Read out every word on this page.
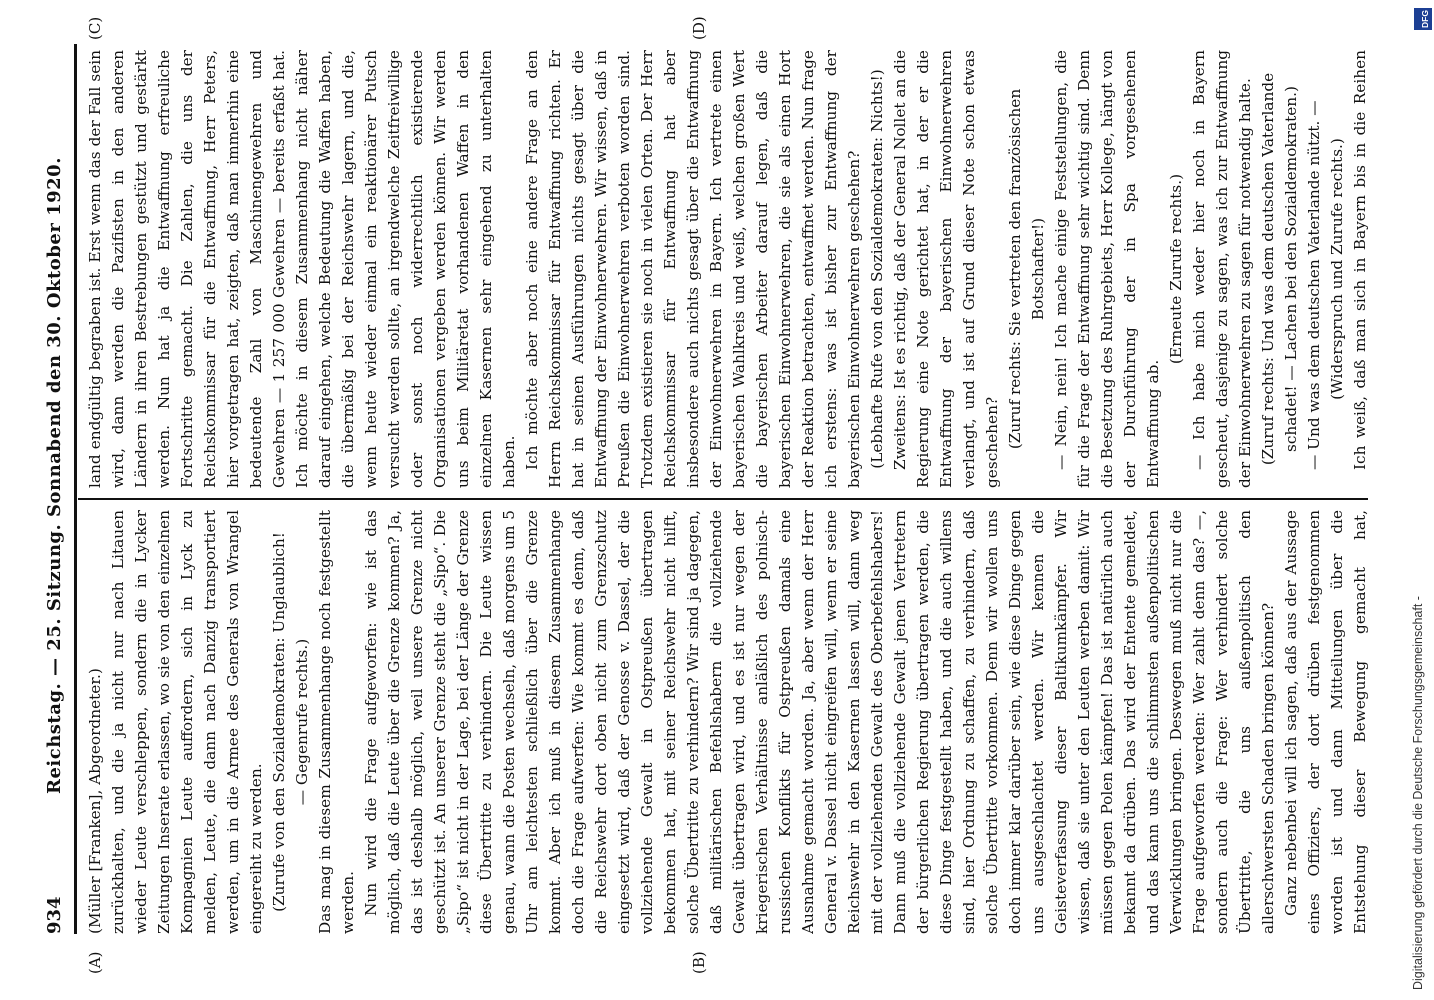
934
Reichstag. — 25. Sitzung. Sonnabend den 30. Oktober 1920.
(A)	(B)
(C)	(D)

(Müller [Franken], Abgeordneter.) zurückhalten, und die ja nicht nur nach Litauen wieder Leute verschleppen, sondern die in Lycker Zeitungen Inserate erlassen, wo sie von den einzelnen Kompagnien Leute auffordern, sich in Lyck zu melden, Leute, die dann nach Danzig transportiert werden, um in die Armee des Generals von Wrangel eingereiht zu werden. (Zurufe von den Sozialdemokraten: Unglaublich! — Gegenrufe rechts.) Das mag in diesem Zusammenhange noch festgestellt werden. Nun wird die Frage aufgeworfen: wie ist das möglich, daß die Leute über die Grenze kommen? Ja, das ist deshalb möglich, weil unsere Grenze nicht geschützt ist. An unserer Grenze steht die „Sipo“. Die „Sipo“ ist nicht in der Lage, bei der Länge der Grenze diese Übertritte zu verhindern. Die Leute wissen genau, wann die Posten wechseln, daß morgens um 5 Uhr am leichtesten schließlich über die Grenze kommt. Aber ich muß in diesem Zusammenhange doch die Frage aufwerfen: Wie kommt es denn, daß die Reichswehr dort oben nicht zum Grenzschutz eingesetzt wird, daß der Genosse v. Dassel, der die vollziehende Gewalt in Ostpreußen übertragen bekommen hat, mit seiner Reichswehr nicht hilft, solche Übertritte zu verhindern? Wir sind ja dagegen, daß militärischen Befehlshabern die vollziehende Gewalt übertragen wird, und es ist nur wegen der kriegerischen Verhältnisse anläßlich des polnisch-russischen Konflikts für Ostpreußen damals eine Ausnahme gemacht worden. Ja, aber wenn der Herr General v. Dassel nicht eingreifen will, wenn er seine Reichswehr in den Kasernen lassen will, dann weg mit der vollziehenden Gewalt des Oberbefehlshabers! Dann muß die vollziehende Gewalt jenen Vertretern der bürgerlichen Regierung übertragen werden, die diese Dinge festgestellt haben, und die auch willens sind, hier Ordnung zu schaffen, zu verhindern, daß solche Übertritte vorkommen. Denn wir wollen uns doch immer klar darüber sein, wie diese Dinge gegen uns ausgeschlachtet werden. Wir kennen die Geisteverfassung dieser Baltikumkämpfer. Wir wissen, daß sie unter den Leuten werben damit: Wir müssen gegen Polen kämpfen! Das ist natürlich auch bekannt da drüben. Das wird der Entente gemeldet, und das kann uns die schlimmsten außenpolitischen Verwicklungen bringen. Deswegen muß nicht nur die Frage aufgeworfen werden: Wer zahlt denn das? —, sondern auch die Frage: Wer verhindert solche Übertritte, die uns außenpolitisch den allerschwersten Schaden bringen können? Ganz nebenbei will ich sagen, daß aus der Aussage eines Offiziers, der dort drüben festgenommen worden ist und dann Mitteilungen über die Entstehung dieser Bewegung gemacht hat,

land endgültig begraben ist. Erst wenn das der Fall sein wird, dann werden die Pazifisten in den anderen Ländern in ihren Bestrebungen gestützt und gestärkt werden. Nun hat ja die Entwaffnung erfreuliche Fortschritte gemacht. Die Zahlen, die uns der Reichskommissar für die Entwaffnung, Herr Peters, hier vorgetragen hat, zeigten, daß man immerhin eine bedeutende Zahl von Maschinengewehren und Gewehren — 1 257 000 Gewehren — bereits erfaßt hat. Ich möchte in diesem Zusammenhang nicht näher darauf eingehen, welche Bedeutung die Waffen haben, die übermäßig bei der Reichswehr lagern, und die, wenn heute wieder einmal ein reaktionärer Putsch versucht werden sollte, an irgendwelche Zeitfreiwillige oder sonst noch widerrechtlich existierende Organisationen vergeben werden können. Wir werden uns beim Militäretat vorhandenen Waffen in den einzelnen Kasernen sehr eingehend zu unterhalten haben. Ich möchte aber noch eine andere Frage an den Herrn Reichskommissar für Entwaffnung richten. Er hat in seinen Ausführungen nichts gesagt über die Entwaffnung der Einwohnerwehren. Wir wissen, daß in Preußen die Einwohnerwehren verboten worden sind. Trotzdem existieren sie noch in vielen Orten. Der Herr Reichskommissar für Entwaffnung hat aber insbesondere auch nichts gesagt über die Entwaffnung der Einwohnerwehren in Bayern. Ich vertrete einen bayerischen Wahlkreis und weiß, welchen großen Wert die bayerischen Arbeiter darauf legen, daß die bayerischen Einwohnerwehren, die sie als einen Hort der Reaktion betrachten, entwaffnet werden. Nun frage ich erstens: was ist bisher zur Entwaffnung der bayerischen Einwohnerwehren geschehen? (Lebhafte Rufe von den Sozialdemokraten: Nichts!) Zweitens: Ist es richtig, daß der General Nollet an die Regierung eine Note gerichtet hat, in der er die Entwaffnung der bayerischen Einwohnerwehren verlangt, und ist auf Grund dieser Note schon etwas geschehen? (Zuruf rechts: Sie vertreten den französischen Botschafter!) — Nein, nein! Ich mache einige Feststellungen, die für die Frage der Entwaffnung sehr wichtig sind. Denn die Besetzung des Ruhrgebiets, Herr Kollege, hängt von der Durchführung der in Spa vorgesehenen Entwaffnung ab.

(Erneute Zurufe rechts.) — Ich habe mich weder hier noch in Bayern gescheut, dasjenige zu sagen, was ich zur Entwaffnung der Einwohnerwehren zu sagen für notwendig halte. (Zuruf rechts: Und was dem deutschen Vaterlande schadet! — Lachen bei den Sozialdemokraten.) — Und was dem deutschen Vaterlande nützt. — (Widerspruch und Zurufe rechts.)

Ich weiß, daß man sich in Bayern bis in die Reihen

Digitalisierung gefördert durch die Deutsche Forschungsgemeinschaft -
DFG
